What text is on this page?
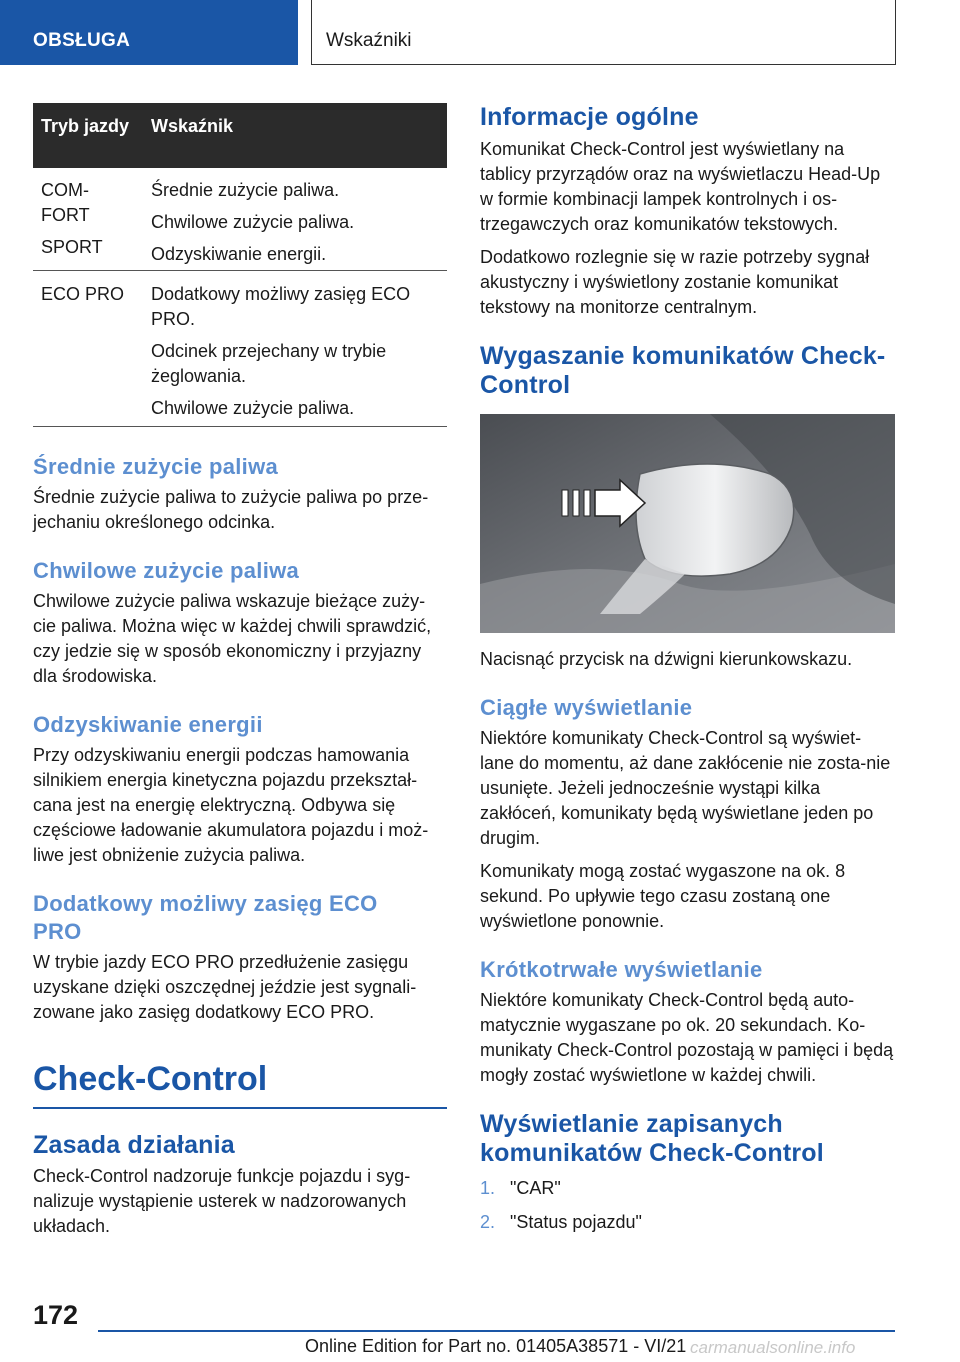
OBSŁUGA	Wskaźniki
Tryb jazdy Wskaźnik

COM-FORT

SPORT

Średnie zużycie paliwa.

Chwilowe zużycie paliwa.

Odzyskiwanie energii.

ECO PRO	Dodatkowy możliwy zasięg ECO PRO.

Odcinek przejechany w trybie żeglowania.

Chwilowe zużycie paliwa.

Średnie zużycie paliwa

Średnie zużycie paliwa to zużycie paliwa po prze-jechaniu określonego odcinka.

Chwilowe zużycie paliwa

Chwilowe zużycie paliwa wskazuje bieżące zuży-cie paliwa. Można więc w każdej chwili sprawdzić, czy jedzie się w sposób ekonomiczny i przyjazny dla środowiska.

Odzyskiwanie energii

Przy odzyskiwaniu energii podczas hamowania silnikiem energia kinetyczna pojazdu przekształ-cana jest na energię elektryczną. Odbywa się częściowe ładowanie akumulatora pojazdu i moż-liwe jest obniżenie zużycia paliwa.

Dodatkowy możliwy zasięg ECO PRO

W trybie jazdy ECO PRO przedłużenie zasięgu uzyskane dzięki oszczędnej jeździe jest sygnali-zowane jako zasięg dodatkowy ECO PRO.

Check-Control
Zasada działania

Check-Control nadzoruje funkcje pojazdu i syg-nalizuje wystąpienie usterek w nadzorowanych układach.

Informacje ogólne

Komunikat Check-Control jest wyświetlany na tablicy przyrządów oraz na wyświetlaczu Head-Up w formie kombinacji lampek kontrolnych i os-trzegawczych oraz komunikatów tekstowych.

Dodatkowo rozlegnie się w razie potrzeby sygnał akustyczny i wyświetlony zostanie komunikat tekstowy na monitorze centralnym.

Wygaszanie komunikatów Check-Control

Nacisnąć przycisk na dźwigni kierunkowskazu.

Ciągłe wyświetlanie

Niektóre komunikaty Check-Control są wyświet-lane do momentu, aż dane zakłócenie nie zosta-nie usunięte. Jeżeli jednocześnie wystąpi kilka zakłóceń, komunikaty będą wyświetlane jeden po drugim.

Komunikaty mogą zostać wygaszone na ok. 8 sekund. Po upływie tego czasu zostaną one wyświetlone ponownie.

Krótkotrwałe wyświetlanie

Niektóre komunikaty Check-Control będą auto-matycznie wygaszane po ok. 20 sekundach. Ko-munikaty Check-Control pozostają w pamięci i będą mogły zostać wyświetlone w każdej chwili.

Wyświetlanie zapisanych komunikatów Check-Control
1. "CAR"
2. "Status pojazdu"
172
Online Edition for Part no. 01405A38571 - VI/21 carmanualsonline.info
